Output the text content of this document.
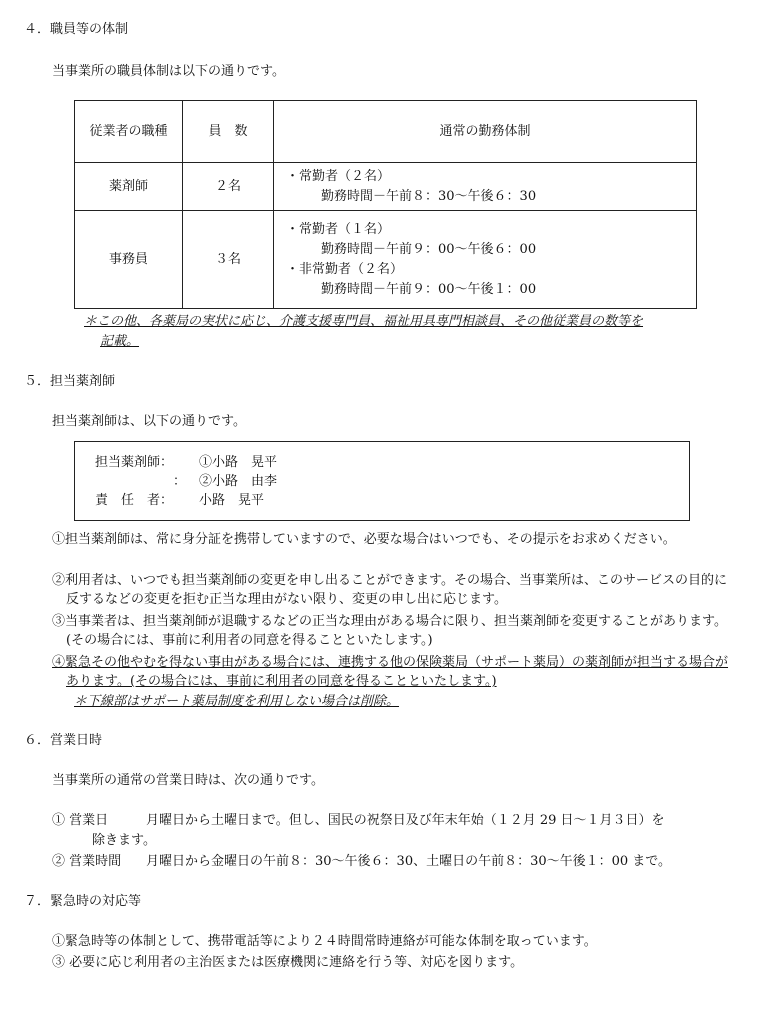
４．職員等の体制
当事業所の職員体制は以下の通りです。
従業者の職種	員　数	通常の勤務体制
薬剤師	２名	・常勤者（２名）
　勤務時間－午前８：30～午後６：30

事務員	３名	・常勤者（１名）
　勤務時間－午前９：00～午後６：00
・非常勤者（２名）
　勤務時間－午前９：00～午後１：00
＊この他、各薬局の実状に応じ、介護支援専門員、福祉用具専門相談員、その他従業員の数等を
記載。
５．担当薬剤師
担当薬剤師は、以下の通りです。
担当薬剤師： ①小路　晃平
： ②小路　由李
責　任　者： 小路　晃平
①担当薬剤師は、常に身分証を携帯していますので、必要な場合はいつでも、その提示をお求めください。
②利用者は、いつでも担当薬剤師の変更を申し出ることができます。その場合、当事業所は、このサービスの目的に反するなどの変更を拒む正当な理由がない限り、変更の申し出に応じます。
③当事業者は、担当薬剤師が退職するなどの正当な理由がある場合に限り、担当薬剤師を変更することがあります。(その場合には、事前に利用者の同意を得ることといたします。)
④緊急その他やむを得ない事由がある場合には、連携する他の保険薬局（サポート薬局）の薬剤師が担当する場合があります。(その場合には、事前に利用者の同意を得ることといたします。)
＊下線部はサポート薬局制度を利用しない場合は削除。
６．営業日時
当事業所の通常の営業日時は、次の通りです。
① 営業日	月曜日から土曜日まで。但し、国民の祝祭日及び年末年始（１２月 29 日～１月３日）を
除きます。
② 営業時間 月曜日から金曜日の午前８：30～午後６：30、土曜日の午前８：30～午後１：00 まで。
７．緊急時の対応等
①緊急時等の体制として、携帯電話等により２４時間常時連絡が可能な体制を取っています。
③ 必要に応じ利用者の主治医または医療機関に連絡を行う等、対応を図ります。
